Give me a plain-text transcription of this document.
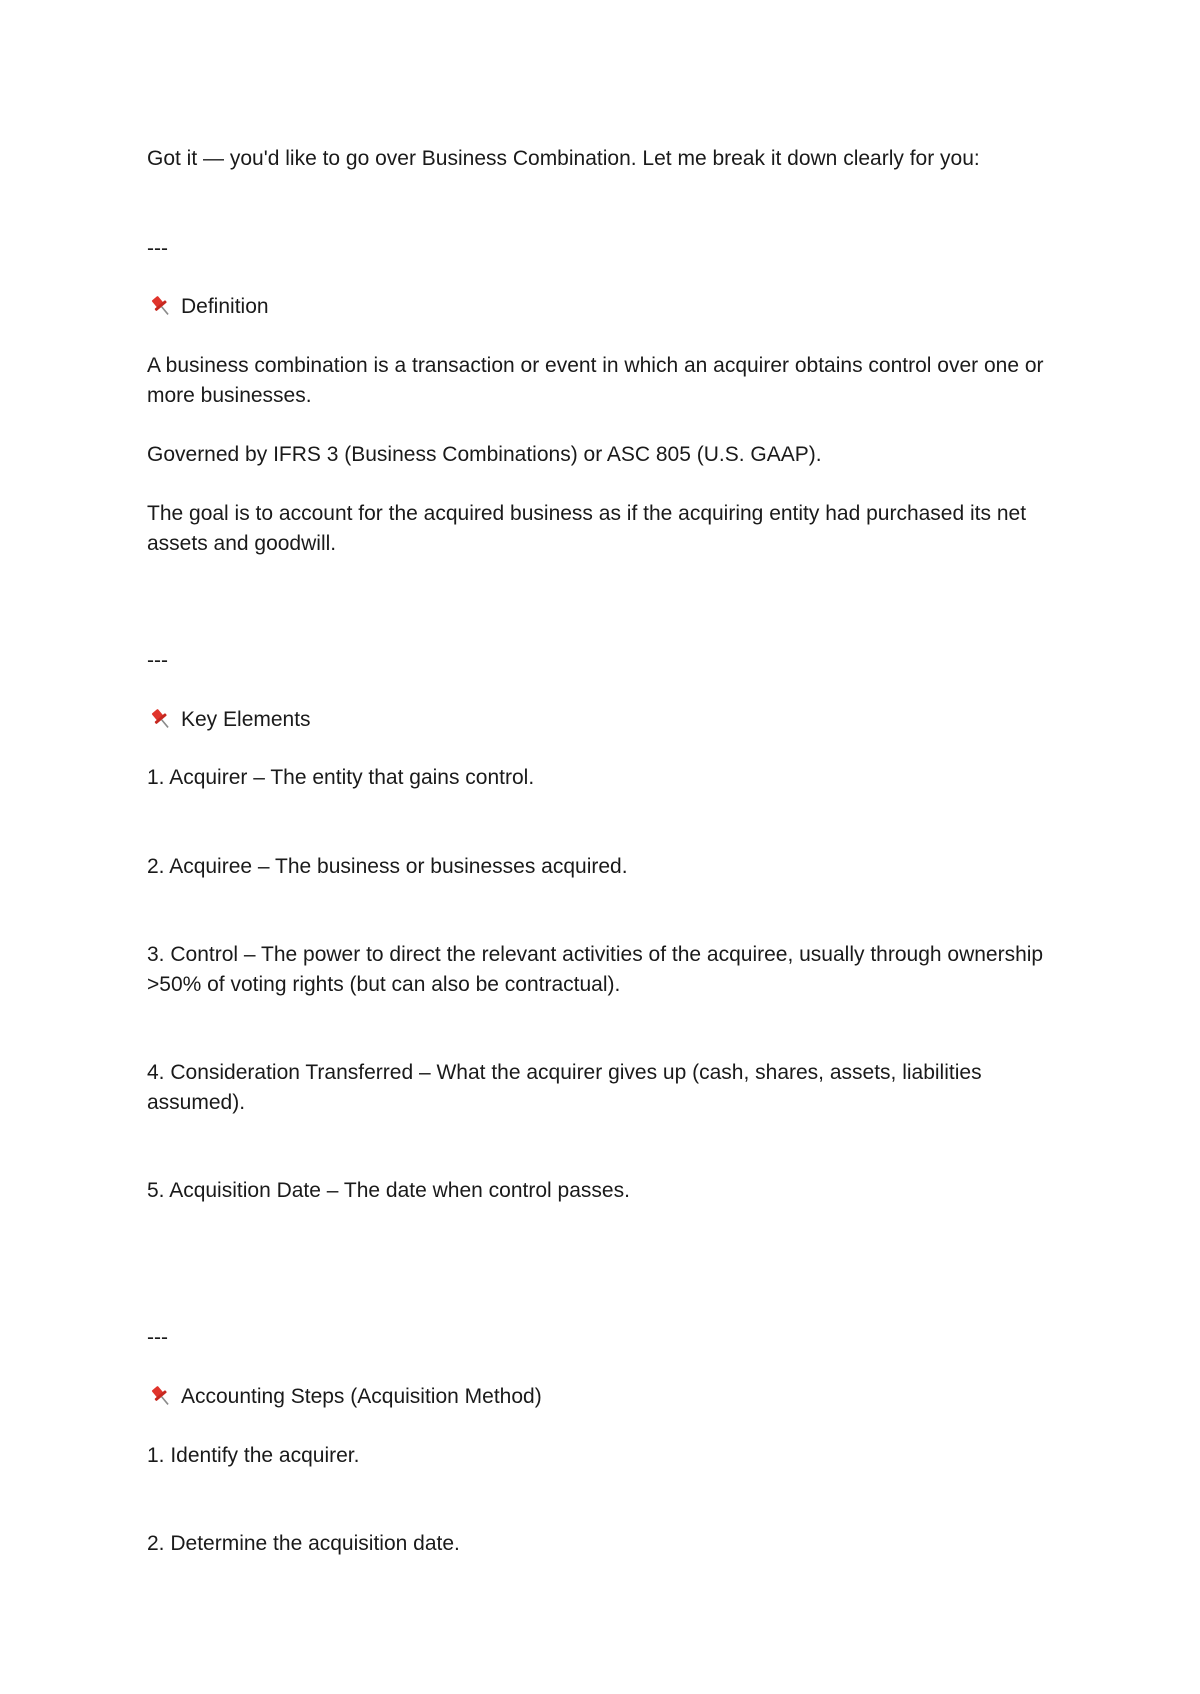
Got it — you'd like to go over Business Combination. Let me break it down clearly for you:

---

Definition

A business combination is a transaction or event in which an acquirer obtains control over one or more businesses.

Governed by IFRS 3 (Business Combinations) or ASC 805 (U.S. GAAP).

The goal is to account for the acquired business as if the acquiring entity had purchased its net assets and goodwill.

---

Key Elements

1. Acquirer – The entity that gains control.

2. Acquiree – The business or businesses acquired.

3. Control – The power to direct the relevant activities of the acquiree, usually through ownership >50% of voting rights (but can also be contractual).

4. Consideration Transferred – What the acquirer gives up (cash, shares, assets, liabilities assumed).

5. Acquisition Date – The date when control passes.

---

Accounting Steps (Acquisition Method)

1. Identify the acquirer.

2. Determine the acquisition date.
